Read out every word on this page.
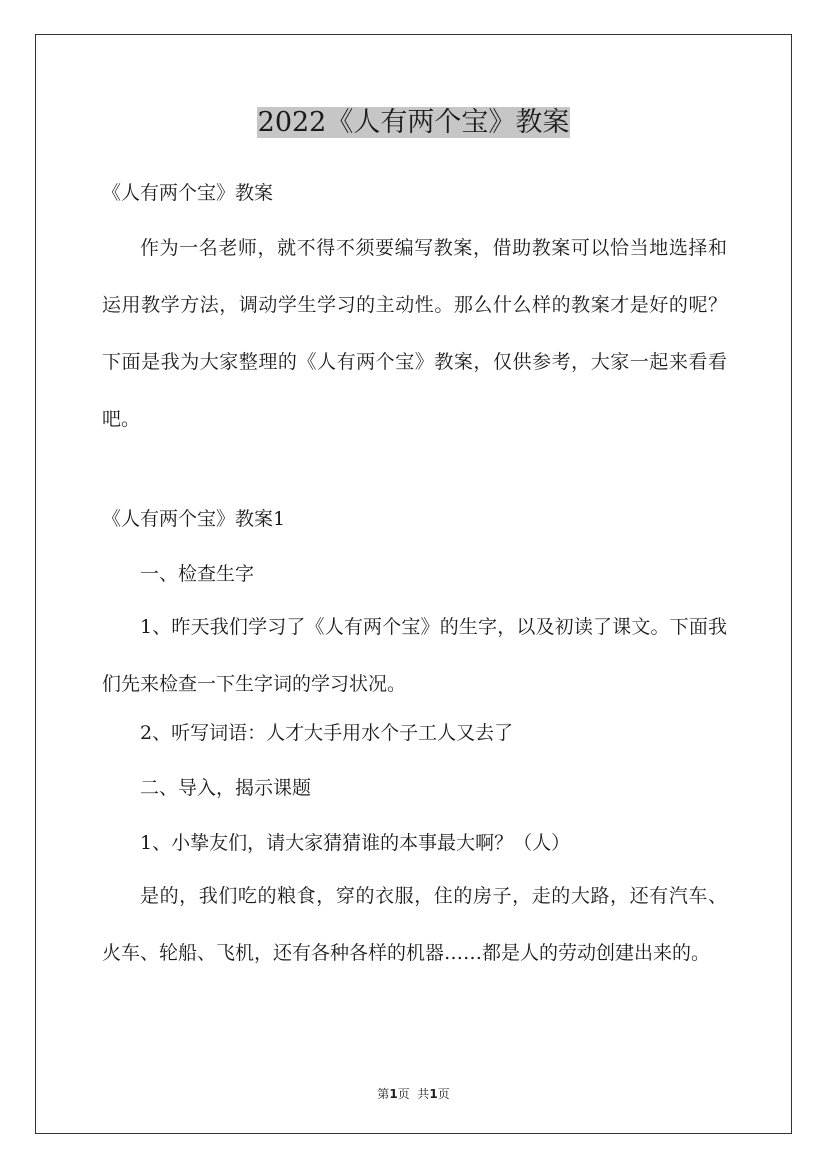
2022《人有两个宝》教案

《人有两个宝》教案

作为一名老师，就不得不须要编写教案，借助教案可以恰当地选择和运用教学方法，调动学生学习的主动性。那么什么样的教案才是好的呢？下面是我为大家整理的《人有两个宝》教案，仅供参考，大家一起来看看吧。

《人有两个宝》教案1

一、检查生字

1、昨天我们学习了《人有两个宝》的生字，以及初读了课文。下面我们先来检查一下生字词的学习状况。

2、听写词语：人才大手用水个子工人又去了

二、导入，揭示课题

1、小挚友们，请大家猜猜谁的本事最大啊？（人）

是的，我们吃的粮食，穿的衣服，住的房子，走的大路，还有汽车、火车、轮船、飞机，还有各种各样的机器……都是人的劳动创建出来的。

第1页  共1页
